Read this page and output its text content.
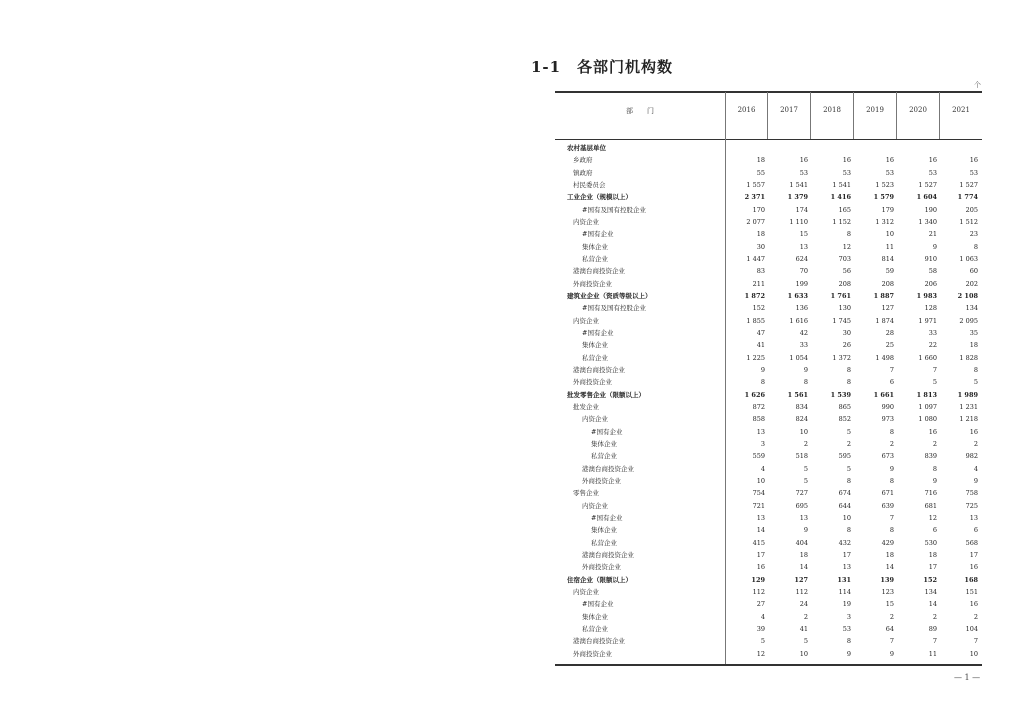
1-1　各部门机构数
个
部　　门	2016	2017	2018	2019	2020	2021
农村基层单位
乡政府	18	16	16	16	16	16
镇政府	55	53	53	53	53	53
村民委员会	1 557	1 541	1 541	1 523	1 527	1 527
工业企业（规模以上）	2 371	1 379	1 416	1 579	1 604	1 774
#国有及国有控股企业	170	174	165	179	190	205
内资企业	2 077	1 110	1 152	1 312	1 340	1 512
#国有企业	18	15	8	10	21	23
集体企业	30	13	12	11	9	8
私营企业	1 447	624	703	814	910	1 063
港澳台商投资企业	83	70	56	59	58	60
外商投资企业	211	199	208	208	206	202
建筑业企业（资质等级以上）	1 872	1 633	1 761	1 887	1 983	2 108
#国有及国有控股企业	152	136	130	127	128	134
内资企业	1 855	1 616	1 745	1 874	1 971	2 095
#国有企业	47	42	30	28	33	35
集体企业	41	33	26	25	22	18
私营企业	1 225	1 054	1 372	1 498	1 660	1 828
港澳台商投资企业	9	9	8	7	7	8
外商投资企业	8	8	8	6	5	5
批发零售企业（限额以上）	1 626	1 561	1 539	1 661	1 813	1 989
批发企业	872	834	865	990	1 097	1 231
内资企业	858	824	852	973	1 080	1 218
#国有企业	13	10	5	8	16	16
集体企业	3	2	2	2	2	2
私营企业	559	518	595	673	839	982
港澳台商投资企业	4	5	5	9	8	4
外商投资企业	10	5	8	8	9	9
零售企业	754	727	674	671	716	758
内资企业	721	695	644	639	681	725
#国有企业	13	13	10	7	12	13
集体企业	14	9	8	8	6	6
私营企业	415	404	432	429	530	568
港澳台商投资企业	17	18	17	18	18	17
外商投资企业	16	14	13	14	17	16
住宿企业（限额以上）	129	127	131	139	152	168
内资企业	112	112	114	123	134	151
#国有企业	27	24	19	15	14	16
集体企业	4	2	3	2	2	2
私营企业	39	41	53	64	89	104
港澳台商投资企业	5	5	8	7	7	7
外商投资企业	12	10	9	9	11	10
— 1 —
